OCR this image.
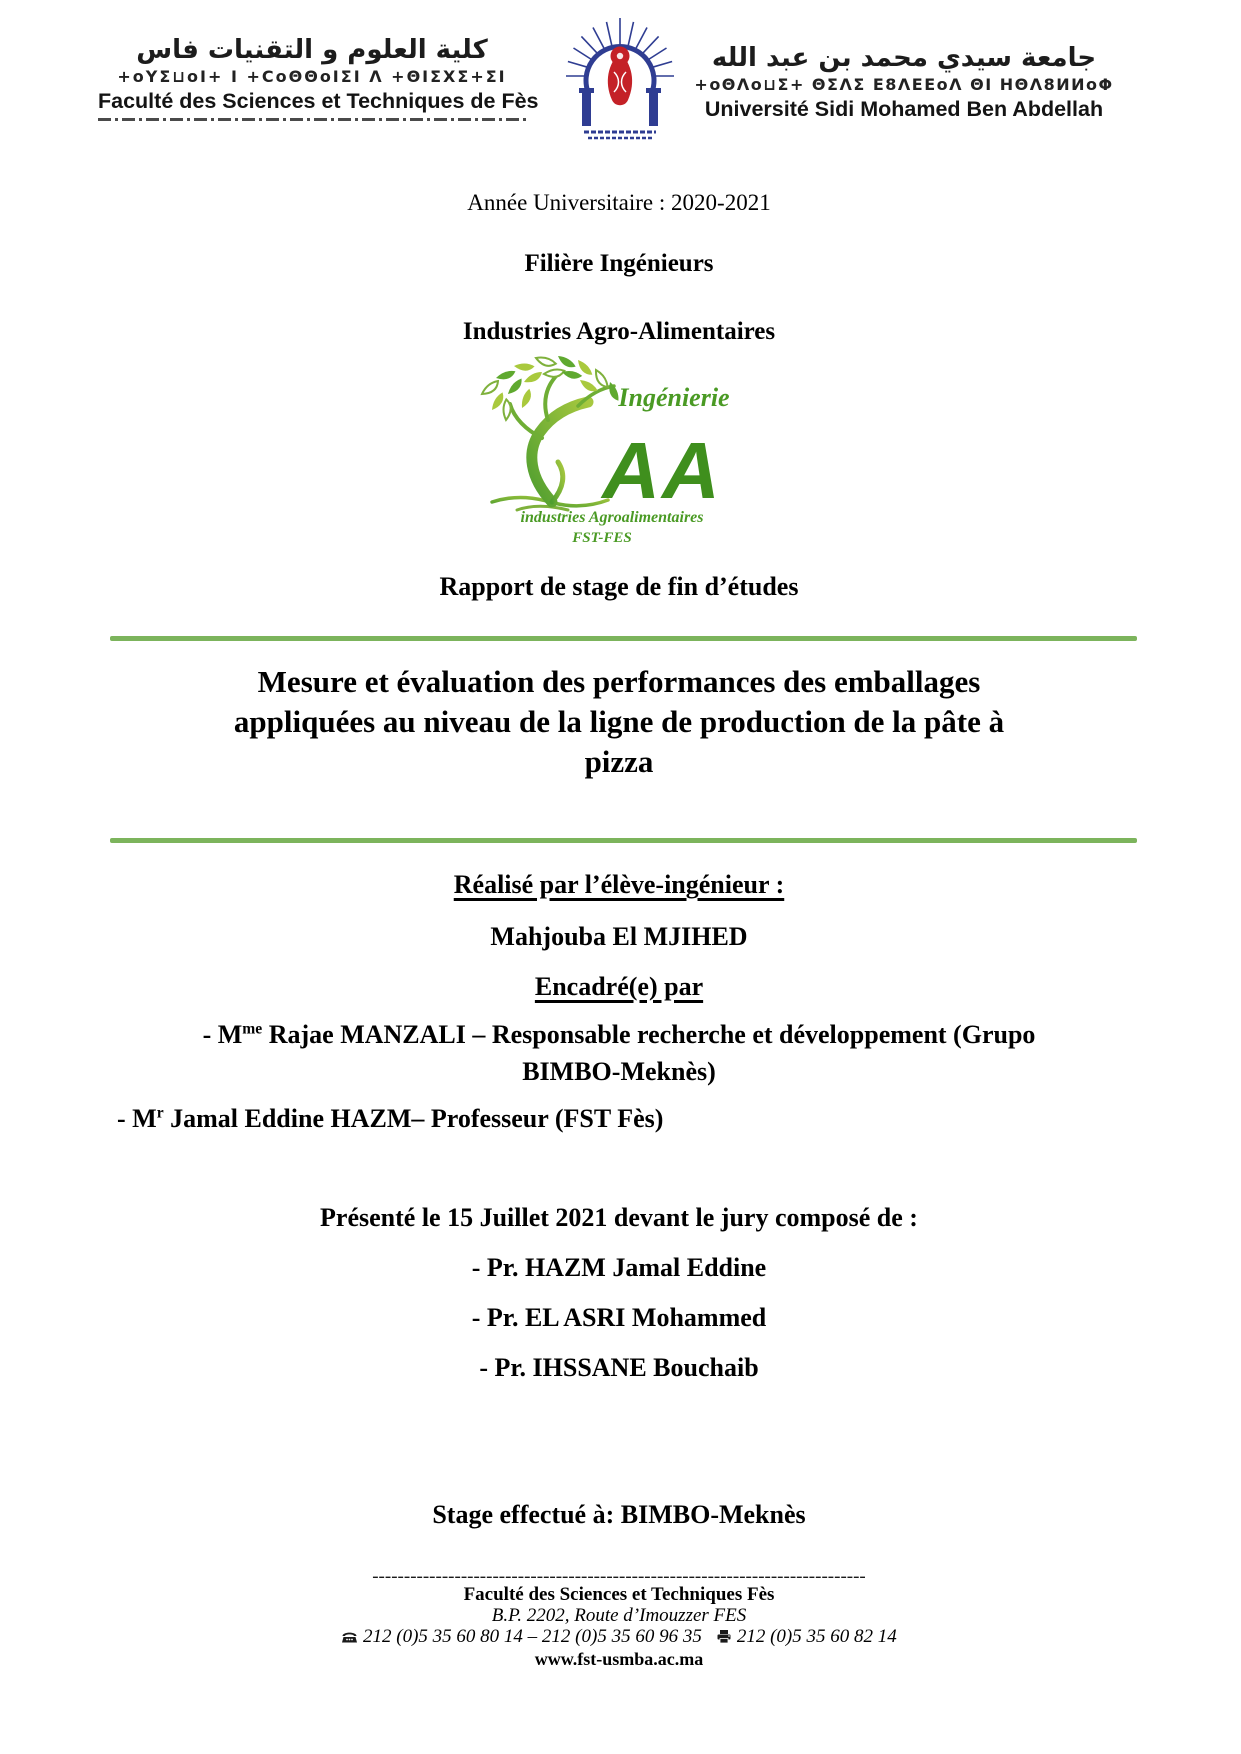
كلية العلوم و التقنيات فاس
+oYΣ⊔oI+ I +CoΘΘoIΣI Λ +ΘIΣΧΣ+ΣI
Faculté des Sciences et Techniques de Fès
جامعة سيدي محمد بن عبد الله
+oΘΛo⊔Σ+ ΘΣΛΣ E8ΛEEoΛ ΘI ΗΘΛ8ИИoΦ
Université Sidi Mohamed Ben Abdellah
Année Universitaire : 2020-2021
Filière Ingénieurs
Industries Agro-Alimentaires
Ingénierie
AA
industries Agroalimentaires
FST-FES
Rapport de stage de fin d’études
Mesure et évaluation des performances des emballages
appliquées au niveau de la ligne de production de la pâte à
pizza
Réalisé par l’élève-ingénieur :
Mahjouba El MJIHED
Encadré(e) par
- $M^{me}$ Rajae MANZALI – Responsable recherche et développement (Grupo
BIMBO-Meknès)
- $M^r$ Jamal Eddine HAZM– Professeur (FST Fès)
Présenté le 15 Juillet 2021 devant le jury composé de :
- Pr. HAZM Jamal Eddine
- Pr. EL ASRI Mohammed
- Pr. IHSSANE Bouchaib
Stage effectué à: BIMBO-Meknès
------------------------------------------------------------------------------
Faculté des Sciences et Techniques Fès
B.P. 2202, Route d’Imouzzer FES
212 (0)5 35 60 80 14 – 212 (0)5 35 60 96 35 212 (0)5 35 60 82 14
www.fst-usmba.ac.ma
